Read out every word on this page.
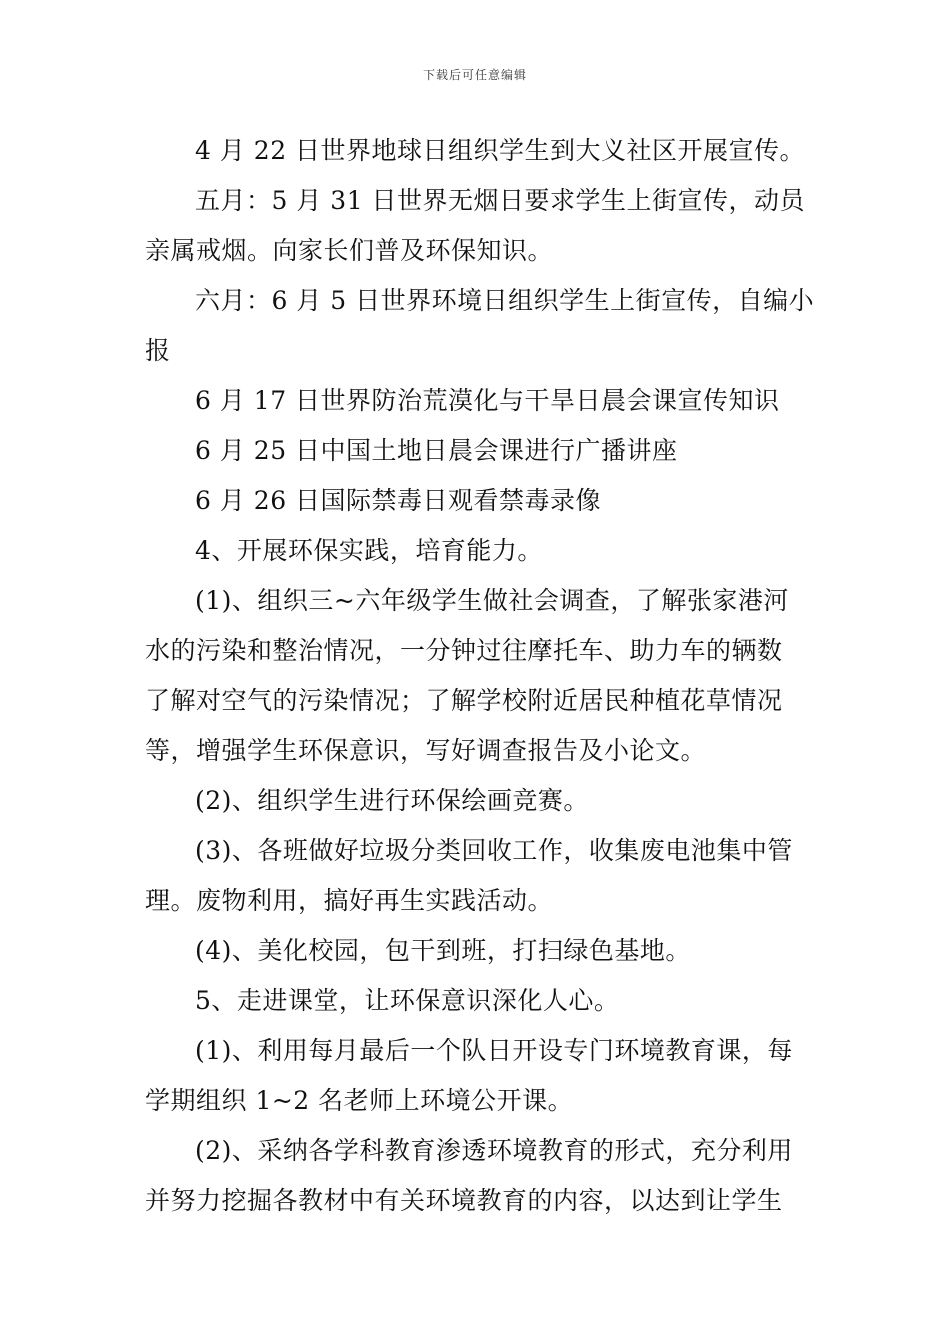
下载后可任意编辑

4 月 22 日世界地球日组织学生到大义社区开展宣传。

五月：5 月 31 日世界无烟日要求学生上街宣传，动员
亲属戒烟。向家长们普及环保知识。

六月：6 月 5 日世界环境日组织学生上街宣传，自编小
报

6 月 17 日世界防治荒漠化与干旱日晨会课宣传知识

6 月 25 日中国土地日晨会课进行广播讲座

6 月 26 日国际禁毒日观看禁毒录像

4、开展环保实践，培育能力。

(1)、组织三~六年级学生做社会调查，了解张家港河
水的污染和整治情况，一分钟过往摩托车、助力车的辆数
了解对空气的污染情况；了解学校附近居民种植花草情况
等，增强学生环保意识，写好调查报告及小论文。

(2)、组织学生进行环保绘画竞赛。

(3)、各班做好垃圾分类回收工作，收集废电池集中管
理。废物利用，搞好再生实践活动。

(4)、美化校园，包干到班，打扫绿色基地。

5、走进课堂，让环保意识深化人心。

(1)、利用每月最后一个队日开设专门环境教育课，每
学期组织 1~2 名老师上环境公开课。

(2)、采纳各学科教育渗透环境教育的形式，充分利用
并努力挖掘各教材中有关环境教育的内容，以达到让学生
